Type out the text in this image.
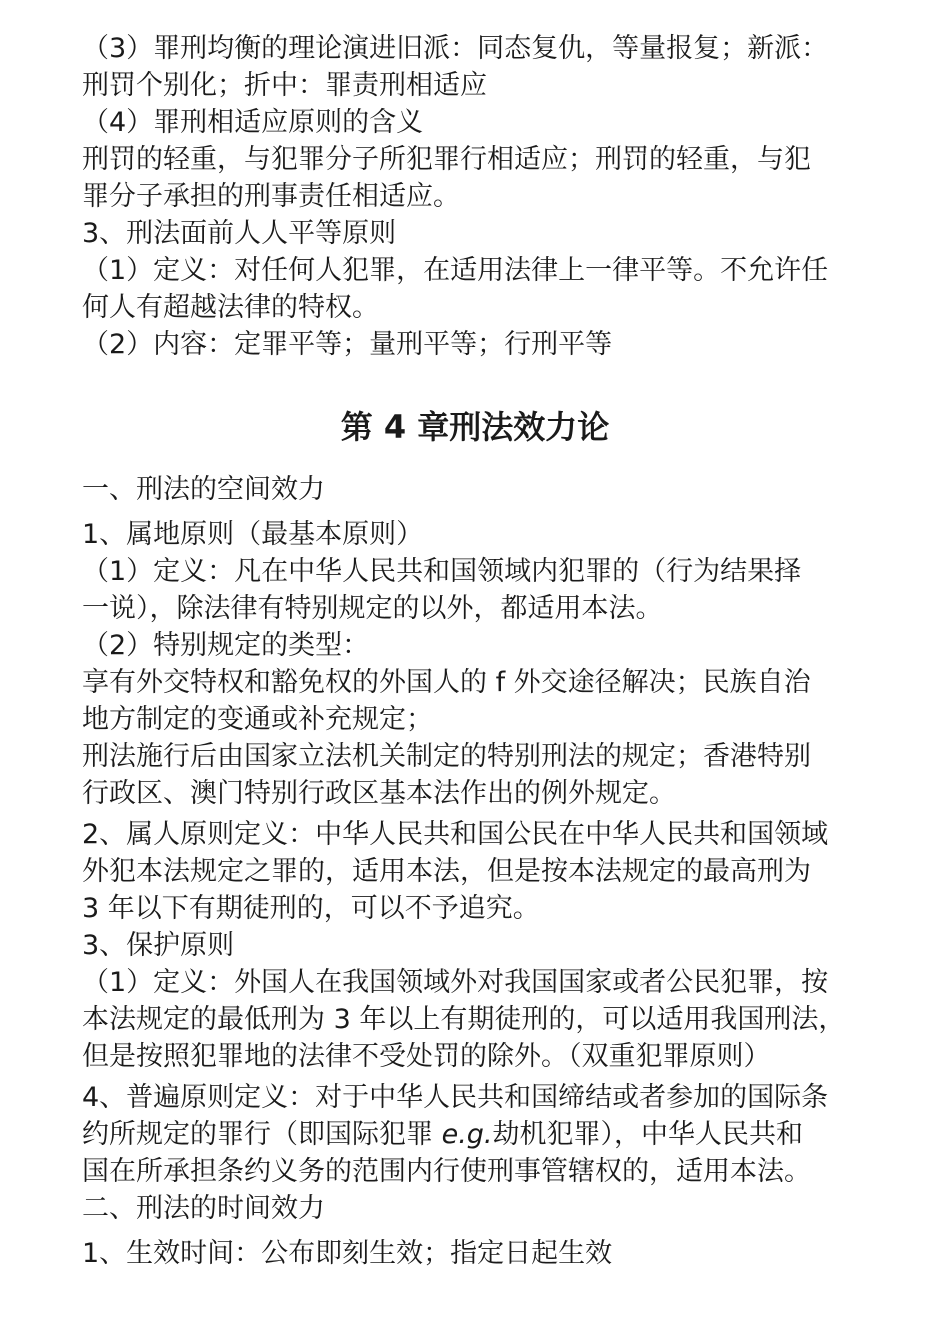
（3）罪刑均衡的理论演进旧派：同态复仇，等量报复；新派：

刑罚个别化；折中：罪责刑相适应

（4）罪刑相适应原则的含义

刑罚的轻重，与犯罪分子所犯罪行相适应；刑罚的轻重，与犯

罪分子承担的刑事责任相适应。

3、刑法面前人人平等原则

（1）定义：对任何人犯罪，在适用法律上一律平等。不允许任

何人有超越法律的特权。

（2）内容：定罪平等；量刑平等；行刑平等

第 4 章刑法效力论

一、刑法的空间效力

1、属地原则（最基本原则）

（1）定义：凡在中华人民共和国领域内犯罪的（行为结果择

一说），除法律有特别规定的以外，都适用本法。

（2）特别规定的类型：

享有外交特权和豁免权的外国人的 f 外交途径解决；民族自治

地方制定的变通或补充规定；

刑法施行后由国家立法机关制定的特别刑法的规定；香港特别

行政区、澳门特别行政区基本法作出的例外规定。

2、属人原则定义：中华人民共和国公民在中华人民共和国领域

外犯本法规定之罪的，适用本法，但是按本法规定的最高刑为

3 年以下有期徒刑的，可以不予追究。

3、保护原则

（1）定义：外国人在我国领域外对我国国家或者公民犯罪，按

本法规定的最低刑为 3 年以上有期徒刑的，可以适用我国刑法，

但是按照犯罪地的法律不受处罚的除外。（双重犯罪原则）

4、普遍原则定义：对于中华人民共和国缔结或者参加的国际条

约所规定的罪行（即国际犯罪 e.g.劫机犯罪），中华人民共和

国在所承担条约义务的范围内行使刑事管辖权的，适用本法。

二、刑法的时间效力

1、生效时间：公布即刻生效；指定日起生效
